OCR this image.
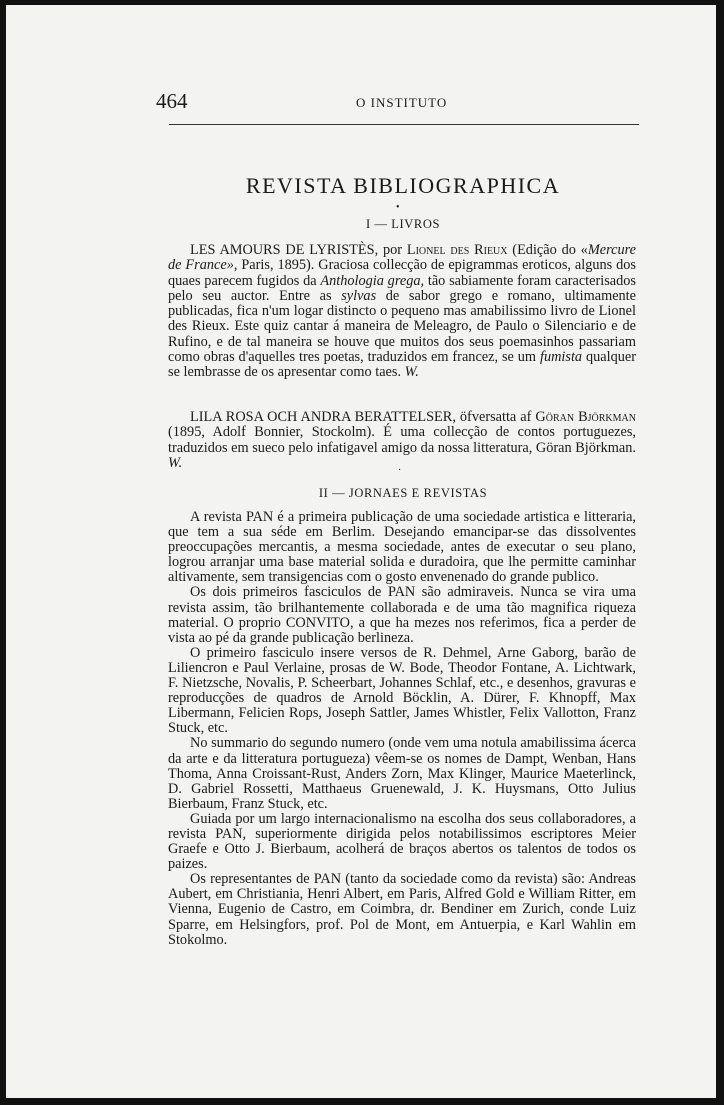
464	O INSTITUTO
REVISTA BIBLIOGRAPHICA
•
I — LIVROS

LES AMOURS DE LYRISTÈS, por Lionel des Rieux (Edição do «Mercure de France», Paris, 1895). Graciosa collecção de epigrammas eroticos, alguns dos quaes parecem fugidos da Anthologia grega, tão sabiamente foram caracterisados pelo seu auctor. Entre as sylvas de sabor grego e romano, ultimamente publicadas, fica n'um logar distincto o pequeno mas amabilissimo livro de Lionel des Rieux. Este quiz cantar á maneira de Meleagro, de Paulo o Silenciario e de Rufino, e de tal maneira se houve que muitos dos seus poemasinhos passariam como obras d'aquelles tres poetas, traduzidos em francez, se um fumista qualquer se lembrasse de os apresentar como taes. W.

LILA ROSA OCH ANDRA BERATTELSER, öfversatta af Göran Björkman (1895, Adolf Bonnier, Stockolm). É uma collecção de contos portuguezes, traduzidos em sueco pelo infatigavel amigo da nossa litteratura, Göran Björkman. W.	·
II — JORNAES E REVISTAS

A revista PAN é a primeira publicação de uma sociedade artistica e litteraria, que tem a sua séde em Berlim. Desejando emancipar-se das dissolventes preoccupações mercantis, a mesma sociedade, antes de executar o seu plano, logrou arranjar uma base material solida e duradoira, que lhe permitte caminhar altivamente, sem transigencias com o gosto envenenado do grande publico.

Os dois primeiros fasciculos de PAN são admiraveis. Nunca se vira uma revista assim, tão brilhantemente collaborada e de uma tão magnifica riqueza material. O proprio CONVITO, a que ha mezes nos referimos, fica a perder de vista ao pé da grande publicação berlineza.

O primeiro fasciculo insere versos de R. Dehmel, Arne Gaborg, barão de Liliencron e Paul Verlaine, prosas de W. Bode, Theodor Fontane, A. Lichtwark, F. Nietzsche, Novalis, P. Scheerbart, Johannes Schlaf, etc., e desenhos, gravuras e reproducções de quadros de Arnold Böcklin, A. Dürer, F. Khnopff, Max Libermann, Felicien Rops, Joseph Sattler, James Whistler, Felix Vallotton, Franz Stuck, etc.

No summario do segundo numero (onde vem uma notula amabilissima ácerca da arte e da litteratura portugueza) vêem-se os nomes de Dampt, Wenban, Hans Thoma, Anna Croissant-Rust, Anders Zorn, Max Klinger, Maurice Maeterlinck, D. Gabriel Rossetti, Matthaeus Gruenewald, J. K. Huysmans, Otto Julius Bierbaum, Franz Stuck, etc.

Guiada por um largo internacionalismo na escolha dos seus collaboradores, a revista PAN, superiormente dirigida pelos notabilissimos escriptores Meier Graefe e Otto J. Bierbaum, acolherá de braços abertos os talentos de todos os paizes.

Os representantes de PAN (tanto da sociedade como da revista) são: Andreas Aubert, em Christiania, Henri Albert, em Paris, Alfred Gold e William Ritter, em Vienna, Eugenio de Castro, em Coimbra, dr. Bendiner em Zurich, conde Luiz Sparre, em Helsingfors, prof. Pol de Mont, em Antuerpia, e Karl Wahlin em Stokolmo.
